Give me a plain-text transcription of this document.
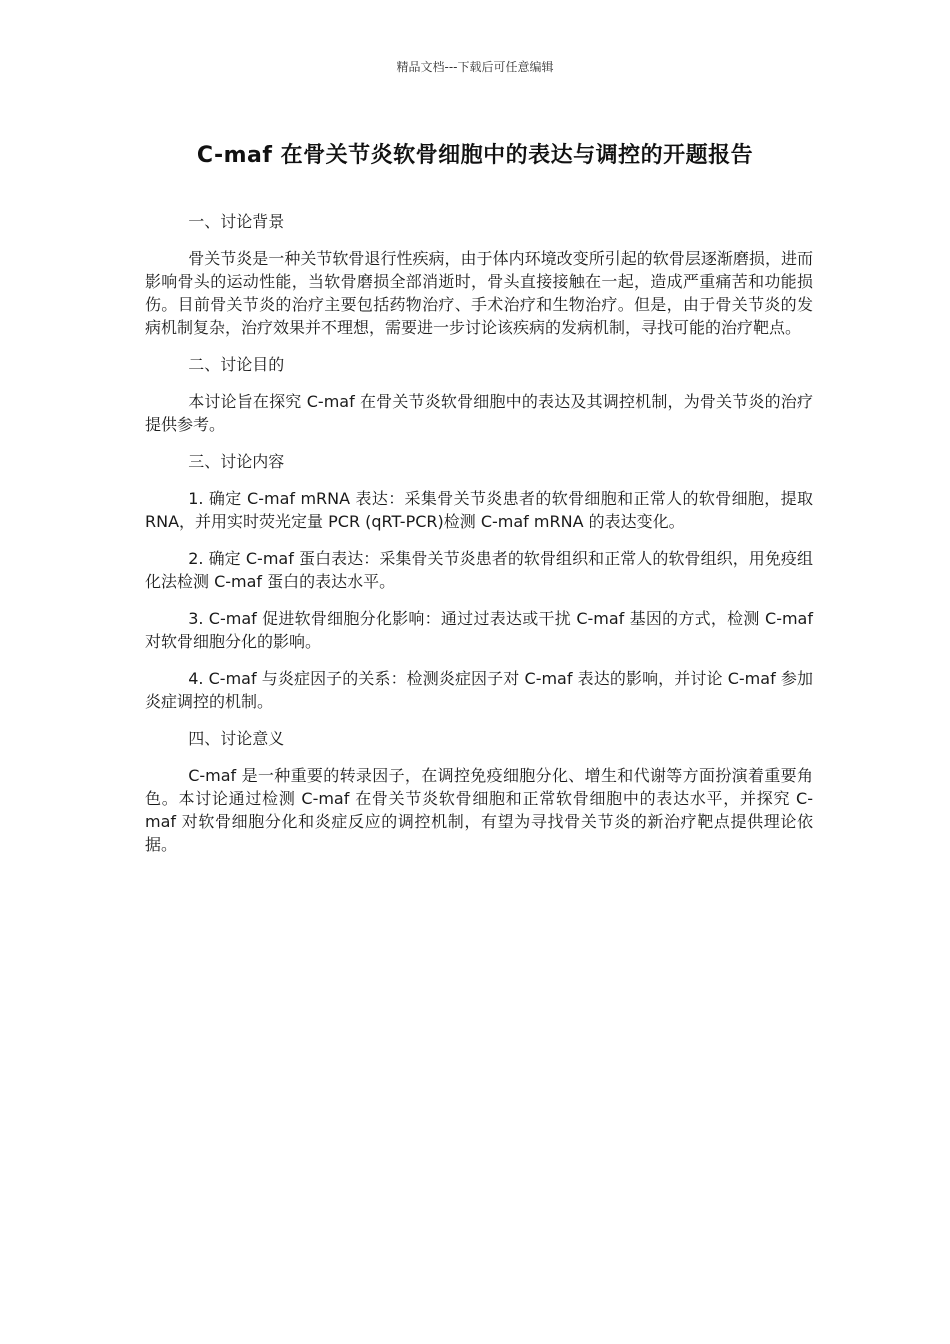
精品文档---下载后可任意编辑
C-maf 在骨关节炎软骨细胞中的表达与调控的开题报告
一、讨论背景
骨关节炎是一种关节软骨退行性疾病，由于体内环境改变所引起的软骨层逐渐磨损，进而影响骨头的运动性能，当软骨磨损全部消逝时，骨头直接接触在一起，造成严重痛苦和功能损伤。目前骨关节炎的治疗主要包括药物治疗、手术治疗和生物治疗。但是，由于骨关节炎的发病机制复杂，治疗效果并不理想，需要进一步讨论该疾病的发病机制，寻找可能的治疗靶点。
二、讨论目的
本讨论旨在探究 C-maf 在骨关节炎软骨细胞中的表达及其调控机制，为骨关节炎的治疗提供参考。
三、讨论内容
1. 确定 C-maf mRNA 表达：采集骨关节炎患者的软骨细胞和正常人的软骨细胞，提取 RNA，并用实时荧光定量 PCR (qRT-PCR)检测 C-maf mRNA 的表达变化。
2. 确定 C-maf 蛋白表达：采集骨关节炎患者的软骨组织和正常人的软骨组织，用免疫组化法检测 C-maf 蛋白的表达水平。
3. C-maf 促进软骨细胞分化影响：通过过表达或干扰 C-maf 基因的方式，检测 C-maf 对软骨细胞分化的影响。
4. C-maf 与炎症因子的关系：检测炎症因子对 C-maf 表达的影响，并讨论 C-maf 参加炎症调控的机制。
四、讨论意义
C-maf 是一种重要的转录因子，在调控免疫细胞分化、增生和代谢等方面扮演着重要角色。本讨论通过检测 C-maf 在骨关节炎软骨细胞和正常软骨细胞中的表达水平，并探究 C-maf 对软骨细胞分化和炎症反应的调控机制，有望为寻找骨关节炎的新治疗靶点提供理论依据。
